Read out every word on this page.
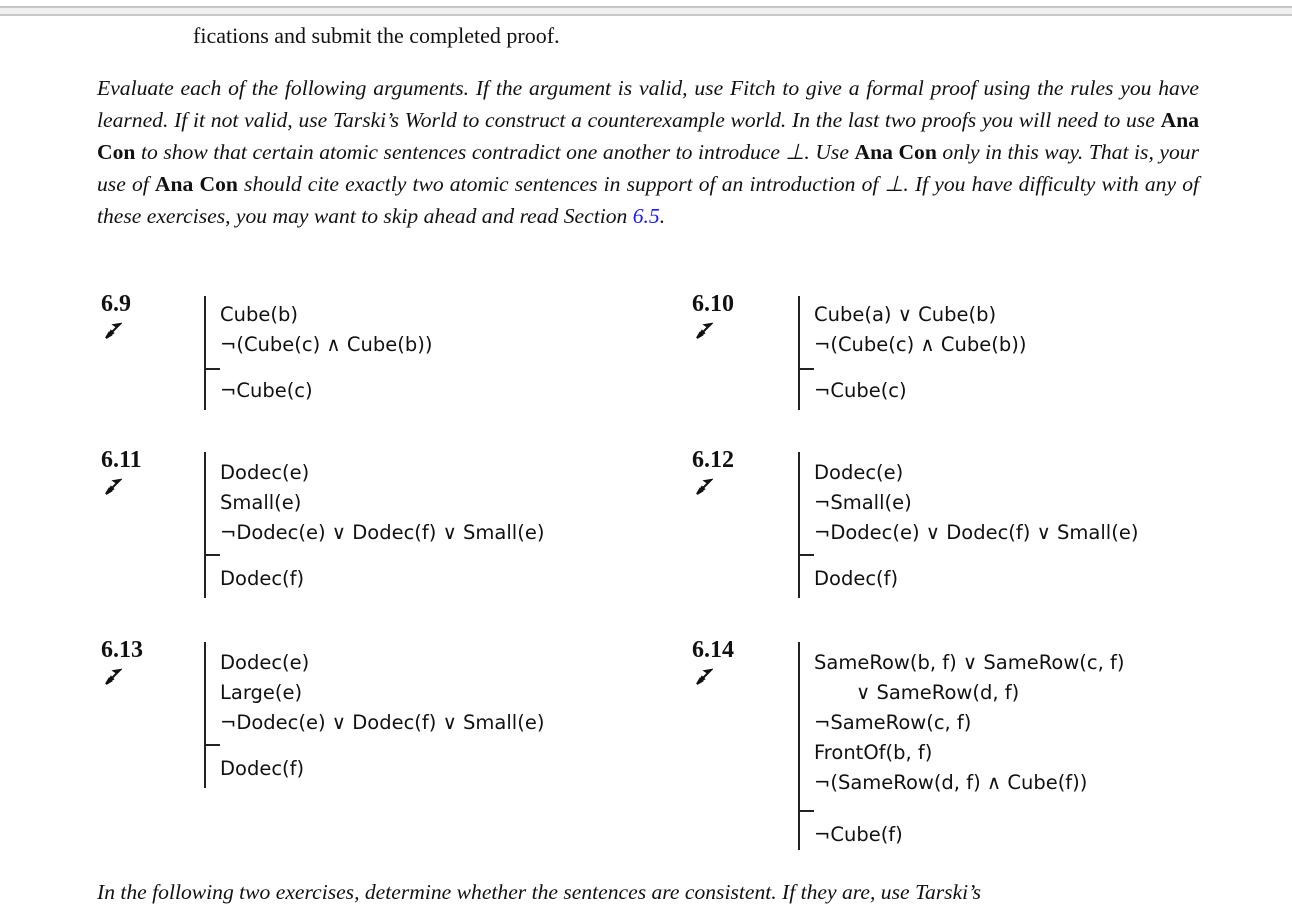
fications and submit the completed proof.
Evaluate each of the following arguments. If the argument is valid, use Fitch to give a formal proof using the rules you have learned. If it not valid, use Tarski’s World to construct a counterexample world. In the last two proofs you will need to use Ana Con to show that certain atomic sentences contradict one another to introduce ⊥. Use Ana Con only in this way. That is, your use of Ana Con should cite exactly two atomic sentences in support of an introduction of ⊥. If you have difficulty with any of these exercises, you may want to skip ahead and read Section 6.5.
6.9	Cube(b)
¬(Cube(c) ∧ Cube(b))
¬Cube(c)
6.10	Cube(a) ∨ Cube(b)
¬(Cube(c) ∧ Cube(b))
¬Cube(c)
6.11	Dodec(e)
Small(e)
¬Dodec(e) ∨ Dodec(f) ∨ Small(e)
Dodec(f)
6.12	Dodec(e)
¬Small(e)
¬Dodec(e) ∨ Dodec(f) ∨ Small(e)
Dodec(f)
6.13	Dodec(e)
Large(e)
¬Dodec(e) ∨ Dodec(f) ∨ Small(e)
Dodec(f)
6.14	SameRow(b, f) ∨ SameRow(c, f)
∨ SameRow(d, f)
¬SameRow(c, f)
FrontOf(b, f)
¬(SameRow(d, f) ∧ Cube(f))
¬Cube(f)
In the following two exercises, determine whether the sentences are consistent. If they are, use Tarski’s
